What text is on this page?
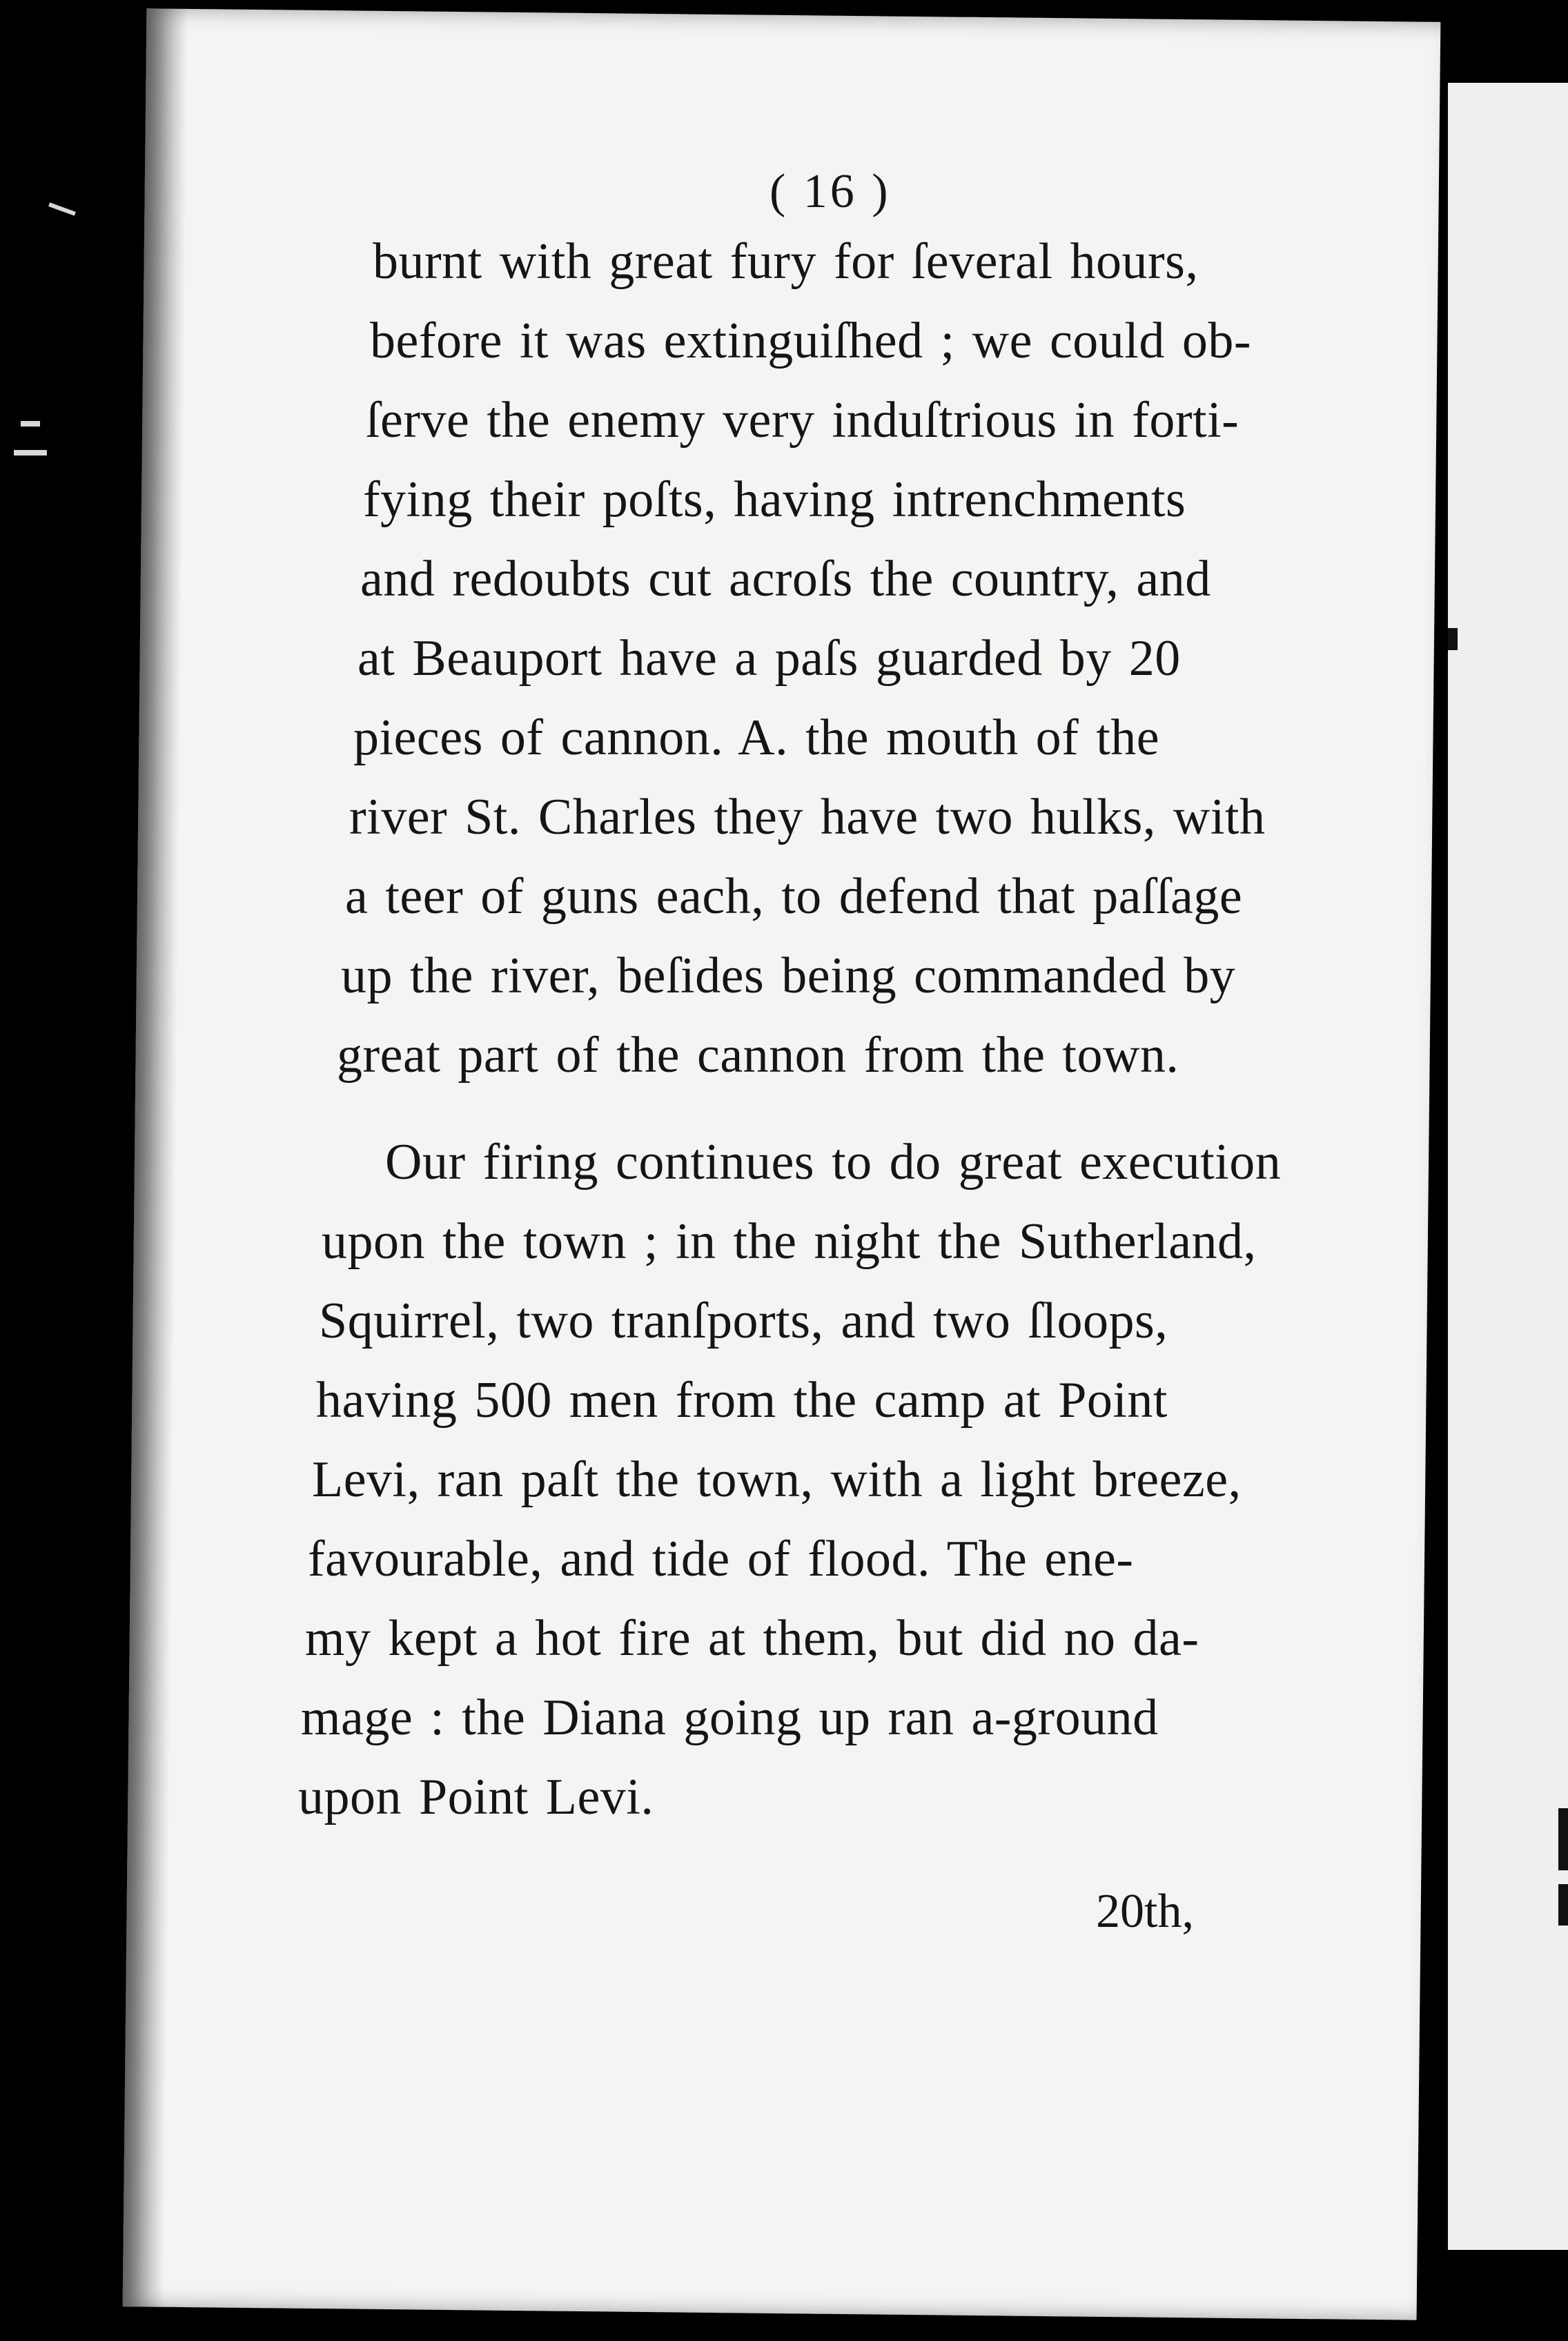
( 16 )
burnt with great fury for ſeveral hours,
before it was extinguiſhed ; we could ob-
ſerve the enemy very induſtrious in forti-
fying their poſts, having intrenchments
and redoubts cut acroſs the country, and
at Beauport have a paſs guarded by 20
pieces of cannon. A. the mouth of the
river St. Charles they have two hulks, with
a teer of guns each, to defend that paſſage
up the river, beſides being commanded by
great part of the cannon from the town.
Our firing continues to do great execution
upon the town ; in the night the Sutherland,
Squirrel, two tranſports, and two ſloops,
having 500 men from the camp at Point
Levi, ran paſt the town, with a light breeze,
favourable, and tide of flood. The ene-
my kept a hot fire at them, but did no da-
mage : the Diana going up ran a-ground
upon Point Levi.
20th,
